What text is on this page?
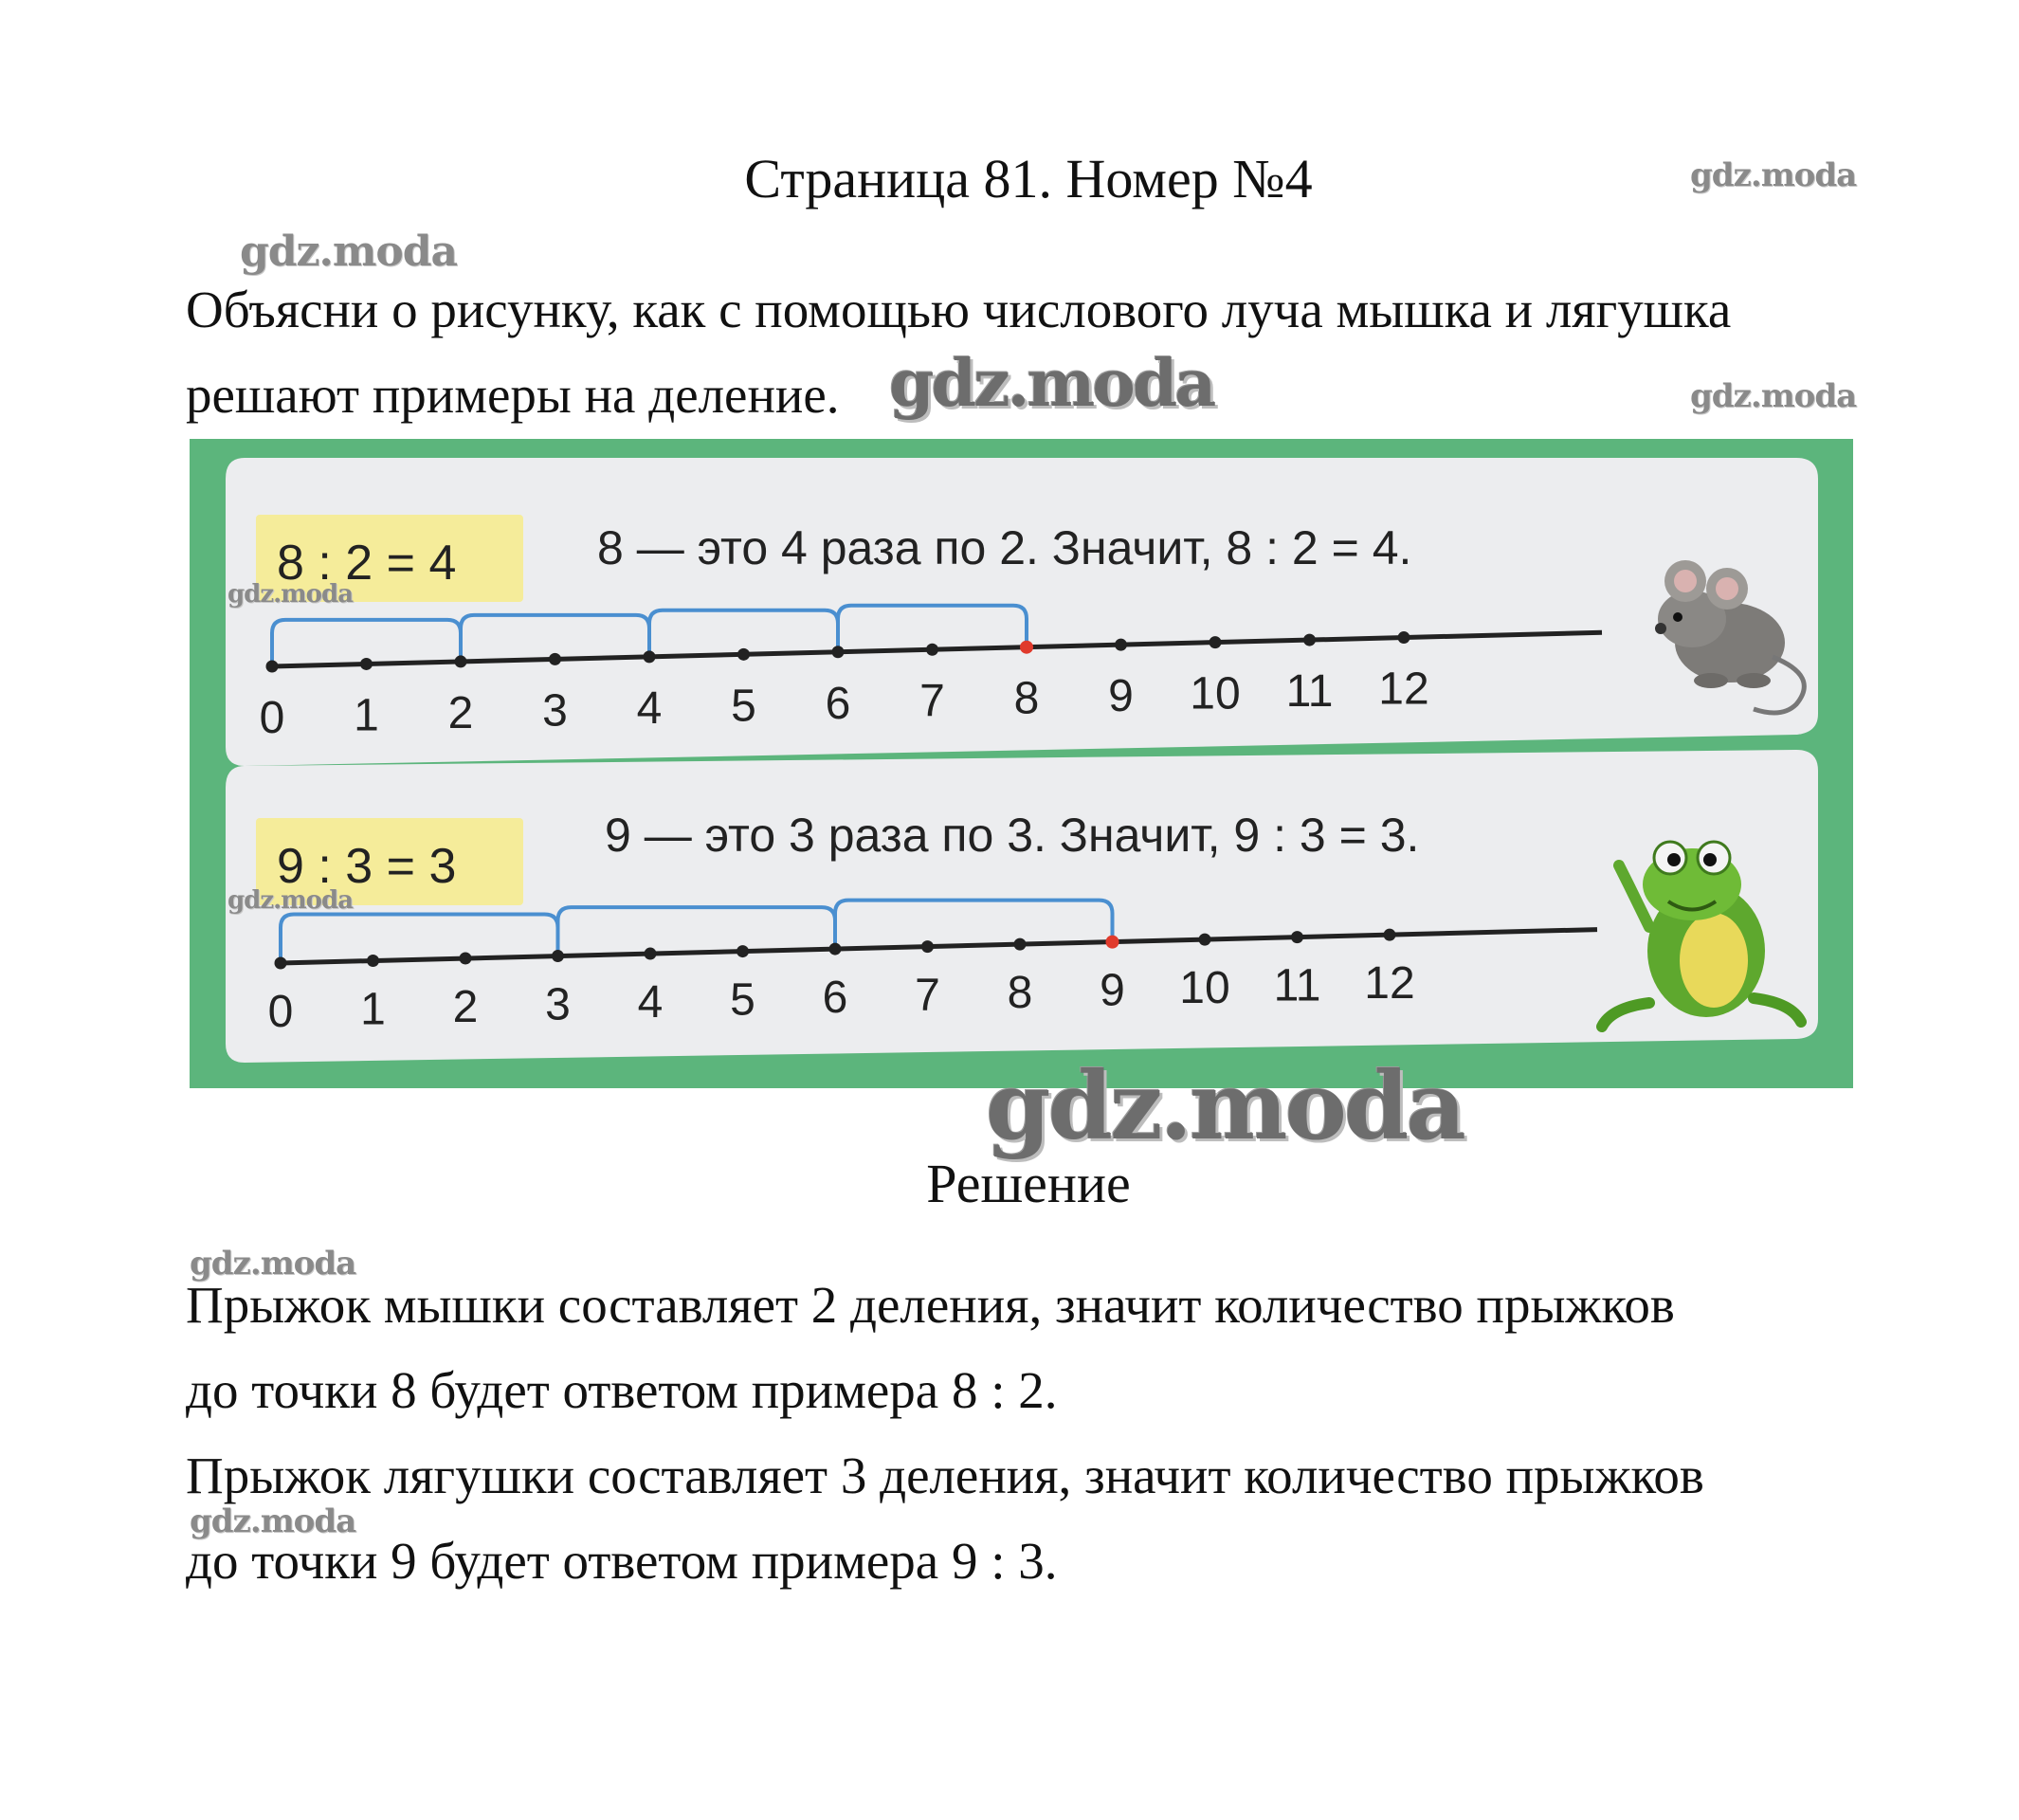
Страница 81. Номер №4
Объясни о рисунку, как с помощью числового луча мышка и лягушка
решают примеры на деление.
8 : 2 = 4	8 — это 4 раза по 2. Значит, 8 : 2 = 4.
0 1 2 3 4 5 6 7 8 9 10 11 12
9 : 3 = 3
9 — это 3 раза по 3. Значит, 9 : 3 = 3.
0 1 2 3 4 5 6 7 8 9 10 11 12
Решение
Прыжок мышки составляет 2 деления, значит количество прыжков
до точки 8 будет ответом примера 8 : 2.
Прыжок лягушки составляет 3 деления, значит количество прыжков
до точки 9 будет ответом примера 9 : 3.
gdz.moda
gdz.moda
gdz.moda	gdz.moda
gdz.moda
gdz.moda
gdz.moda
gdz.moda
gdz.moda
